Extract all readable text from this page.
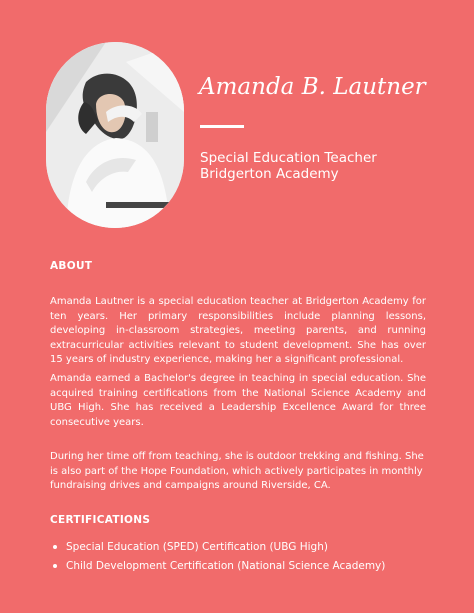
Amanda B. Lautner
Special Education Teacher
Bridgerton Academy
ABOUT

Amanda Lautner is a special education teacher at Bridgerton Academy for ten years. Her primary responsibilities include planning lessons, developing in-classroom strategies, meeting parents, and running extracurricular activities relevant to student development. She has over 15 years of industry experience, making her a significant professional.

Amanda earned a Bachelor's degree in teaching in special education. She acquired training certifications from the National Science Academy and UBG High. She has received a Leadership Excellence Award for three consecutive years.

During her time off from teaching, she is outdoor trekking and fishing. She is also part of the Hope Foundation, which actively participates in monthly fundraising drives and campaigns around Riverside, CA.

CERTIFICATIONS
Special Education (SPED) Certification (UBG High)
Child Development Certification (National Science Academy)
